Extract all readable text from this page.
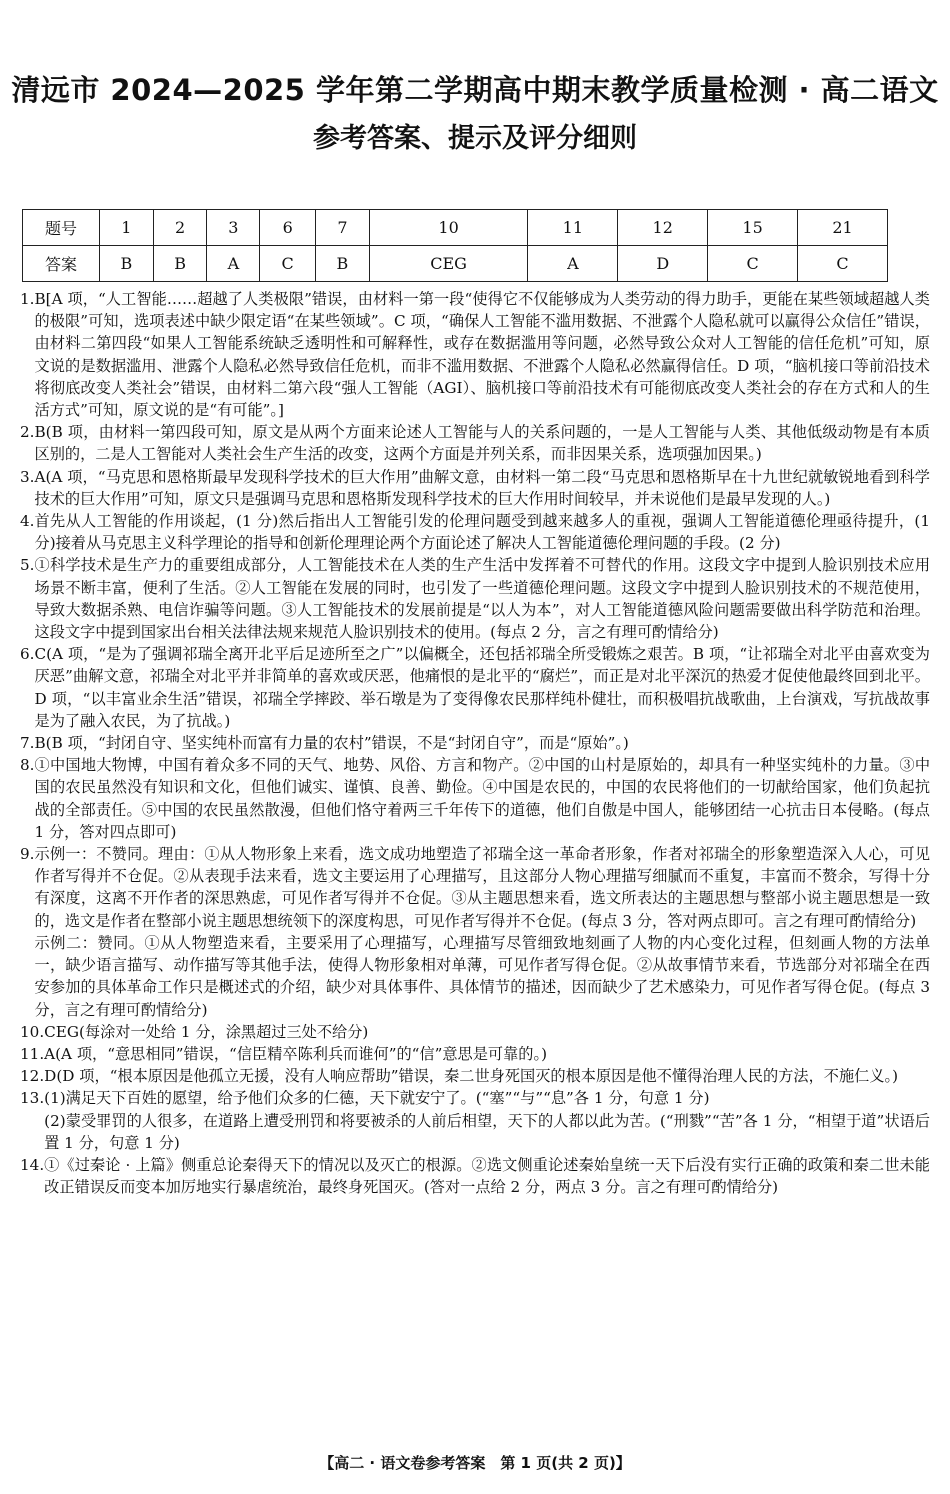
清远市 2024—2025 学年第二学期高中期末教学质量检测 · 高二语文
参考答案、提示及评分细则
题号	1	2	3	6	7	10	11	12	15	21
答案	B	B	A	C	B	CEG	A	D	C	C
1. B[A 项，“人工智能……超越了人类极限”错误，由材料一第一段“使得它不仅能够成为人类劳动的得力助手，更能在某些领域超越人类的极限”可知，选项表述中缺少限定语“在某些领域”。C 项，“确保人工智能不滥用数据、不泄露个人隐私就可以赢得公众信任”错误，由材料二第四段“如果人工智能系统缺乏透明性和可解释性，或存在数据滥用等问题，必然导致公众对人工智能的信任危机”可知，原文说的是数据滥用、泄露个人隐私必然导致信任危机，而非不滥用数据、不泄露个人隐私必然赢得信任。D 项，“脑机接口等前沿技术将彻底改变人类社会”错误，由材料二第六段“强人工智能（AGI）、脑机接口等前沿技术有可能彻底改变人类社会的存在方式和人的生活方式”可知，原文说的是“有可能”。]
2. B(B 项，由材料一第四段可知，原文是从两个方面来论述人工智能与人的关系问题的，一是人工智能与人类、其他低级动物是有本质区别的，二是人工智能对人类社会生产生活的改变，这两个方面是并列关系，而非因果关系，选项强加因果。)
3. A(A 项，“马克思和恩格斯最早发现科学技术的巨大作用”曲解文意，由材料一第二段“马克思和恩格斯早在十九世纪就敏锐地看到科学技术的巨大作用”可知，原文只是强调马克思和恩格斯发现科学技术的巨大作用时间较早，并未说他们是最早发现的人。)
4. 首先从人工智能的作用谈起，(1 分)然后指出人工智能引发的伦理问题受到越来越多人的重视，强调人工智能道德伦理亟待提升，(1 分)接着从马克思主义科学理论的指导和创新伦理理论两个方面论述了解决人工智能道德伦理问题的手段。(2 分)
5. ①科学技术是生产力的重要组成部分，人工智能技术在人类的生产生活中发挥着不可替代的作用。这段文字中提到人脸识别技术应用场景不断丰富，便利了生活。②人工智能在发展的同时，也引发了一些道德伦理问题。这段文字中提到人脸识别技术的不规范使用，导致大数据杀熟、电信诈骗等问题。③人工智能技术的发展前提是“以人为本”，对人工智能道德风险问题需要做出科学防范和治理。这段文字中提到国家出台相关法律法规来规范人脸识别技术的使用。(每点 2 分，言之有理可酌情给分)
6. C(A 项，“是为了强调祁瑞全离开北平后足迹所至之广”以偏概全，还包括祁瑞全所受锻炼之艰苦。B 项，“让祁瑞全对北平由喜欢变为厌恶”曲解文意，祁瑞全对北平并非简单的喜欢或厌恶，他痛恨的是北平的“腐烂”，而正是对北平深沉的热爱才促使他最终回到北平。D 项，“以丰富业余生活”错误，祁瑞全学摔跤、举石墩是为了变得像农民那样纯朴健壮，而积极唱抗战歌曲，上台演戏，写抗战故事是为了融入农民，为了抗战。)
7. B(B 项，“封闭自守、坚实纯朴而富有力量的农村”错误，不是“封闭自守”，而是“原始”。)
8. ①中国地大物博，中国有着众多不同的天气、地势、风俗、方言和物产。②中国的山村是原始的，却具有一种坚实纯朴的力量。③中国的农民虽然没有知识和文化，但他们诚实、谨慎、良善、勤俭。④中国是农民的，中国的农民将他们的一切献给国家，他们负起抗战的全部责任。⑤中国的农民虽然散漫，但他们恪守着两三千年传下的道德，他们自傲是中国人，能够团结一心抗击日本侵略。(每点 1 分，答对四点即可)
9. 示例一：不赞同。理由：①从人物形象上来看，选文成功地塑造了祁瑞全这一革命者形象，作者对祁瑞全的形象塑造深入人心，可见作者写得并不仓促。②从表现手法来看，选文主要运用了心理描写，且这部分人物心理描写细腻而不重复，丰富而不赘余，写得十分有深度，这离不开作者的深思熟虑，可见作者写得并不仓促。③从主题思想来看，选文所表达的主题思想与整部小说主题思想是一致的，选文是作者在整部小说主题思想统领下的深度构思，可见作者写得并不仓促。(每点 3 分，答对两点即可。言之有理可酌情给分)
示例二：赞同。①从人物塑造来看，主要采用了心理描写，心理描写尽管细致地刻画了人物的内心变化过程，但刻画人物的方法单一，缺少语言描写、动作描写等其他手法，使得人物形象相对单薄，可见作者写得仓促。②从故事情节来看，节选部分对祁瑞全在西安参加的具体革命工作只是概述式的介绍，缺少对具体事件、具体情节的描述，因而缺少了艺术感染力，可见作者写得仓促。(每点 3 分，言之有理可酌情给分)
10. CEG(每涂对一处给 1 分，涂黑超过三处不给分)
11. A(A 项，“意思相同”错误，“信臣精卒陈利兵而谁何”的“信”意思是可靠的。)
12. D(D 项，“根本原因是他孤立无援，没有人响应帮助”错误，秦二世身死国灭的根本原因是他不懂得治理人民的方法，不施仁义。)
13. (1)满足天下百姓的愿望，给予他们众多的仁德，天下就安宁了。(“塞”“与”“息”各 1 分，句意 1 分)
(2)蒙受罪罚的人很多，在道路上遭受刑罚和将要被杀的人前后相望，天下的人都以此为苦。(“刑戮”“苦”各 1 分，“相望于道”状语后置 1 分，句意 1 分)
14. ①《过秦论 · 上篇》侧重总论秦得天下的情况以及灭亡的根源。②选文侧重论述秦始皇统一天下后没有实行正确的政策和秦二世未能改正错误反而变本加厉地实行暴虐统治，最终身死国灭。(答对一点给 2 分，两点 3 分。言之有理可酌情给分)
【高二 · 语文卷参考答案　第 1 页(共 2 页)】
